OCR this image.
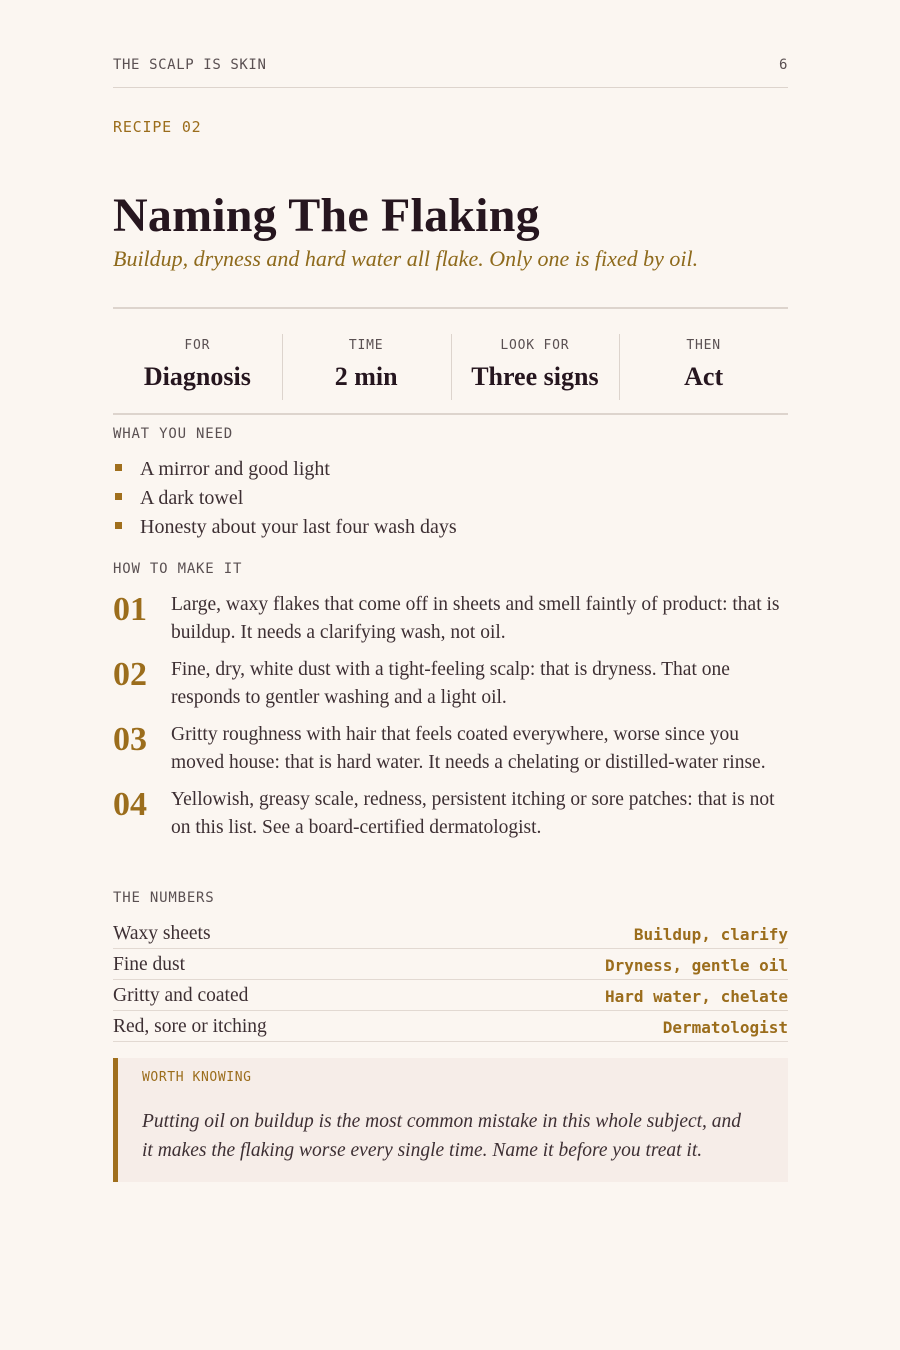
THE SCALP IS SKIN	6
RECIPE 02
Naming The Flaking
Buildup, dryness and hard water all flake. Only one is fixed by oil.
FOR
Diagnosis
TIME
2 min
LOOK FOR
Three signs
THEN
Act
WHAT YOU NEED
A mirror and good light
A dark towel
Honesty about your last four wash days
HOW TO MAKE IT
01 Large, waxy flakes that come off in sheets and smell faintly of product: that is buildup. It needs a clarifying wash, not oil.
02 Fine, dry, white dust with a tight-feeling scalp: that is dryness. That one responds to gentler washing and a light oil.
03 Gritty roughness with hair that feels coated everywhere, worse since you moved house: that is hard water. It needs a chelating or distilled-water rinse.
04 Yellowish, greasy scale, redness, persistent itching or sore patches: that is not on this list. See a board-certified dermatologist.
THE NUMBERS
Waxy sheets	Buildup, clarify
Fine dust	Dryness, gentle oil
Gritty and coated	Hard water, chelate
Red, sore or itching	Dermatologist
WORTH KNOWING
Putting oil on buildup is the most common mistake in this whole subject, and it makes the flaking worse every single time. Name it before you treat it.
